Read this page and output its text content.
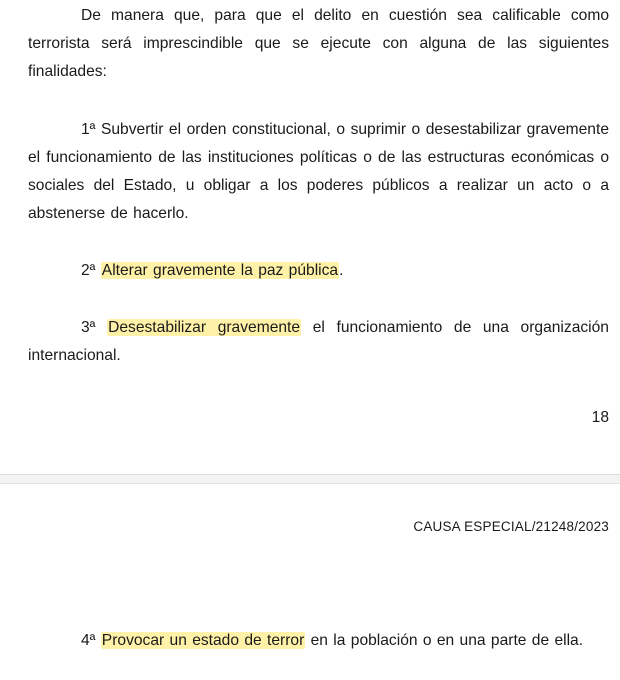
De manera que, para que el delito en cuestión sea calificable como terrorista será imprescindible que se ejecute con alguna de las siguientes finalidades:

1ª Subvertir el orden constitucional, o suprimir o desestabilizar gravemente el funcionamiento de las instituciones políticas o de las estructuras económicas o sociales del Estado, u obligar a los poderes públicos a realizar un acto o a abstenerse de hacerlo.

2ª Alterar gravemente la paz pública.

3ª Desestabilizar gravemente el funcionamiento de una organización internacional.

18
CAUSA ESPECIAL/21248/2023

4ª Provocar un estado de terror en la población o en una parte de ella.
